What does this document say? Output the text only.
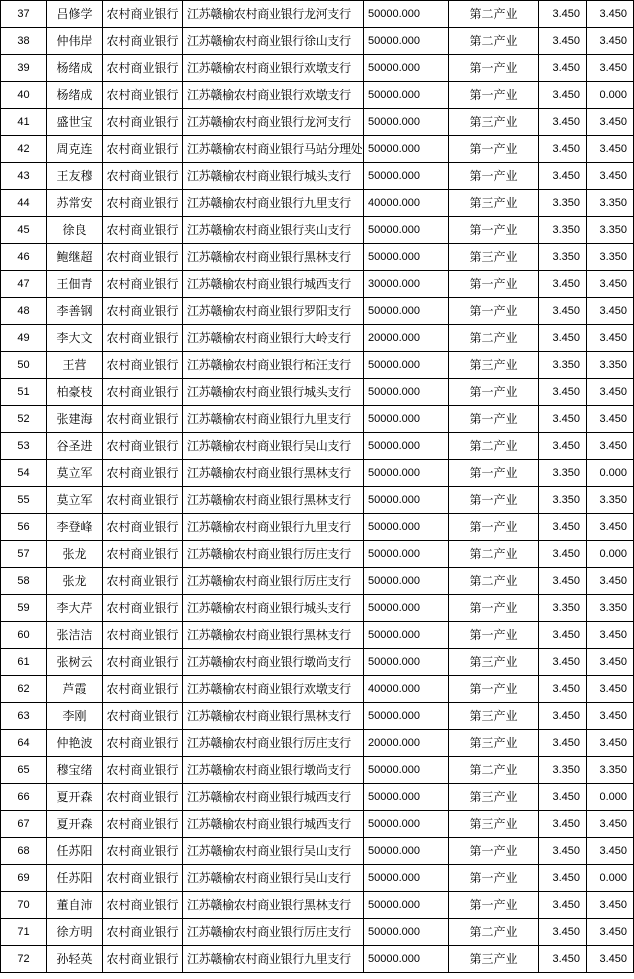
37	吕修学	农村商业银行	江苏赣榆农村商业银行龙河支行	50000.000	第二产业	3.450	3.450
38	仲伟岸	农村商业银行	江苏赣榆农村商业银行徐山支行	50000.000	第二产业	3.450	3.450
39	杨绪成	农村商业银行	江苏赣榆农村商业银行欢墩支行	50000.000	第一产业	3.450	3.450
40	杨绪成	农村商业银行	江苏赣榆农村商业银行欢墩支行	50000.000	第一产业	3.450	0.000
41	盛世宝	农村商业银行	江苏赣榆农村商业银行龙河支行	50000.000	第三产业	3.450	3.450
42	周克连	农村商业银行	江苏赣榆农村商业银行马站分理处	50000.000	第一产业	3.450	3.450
43	王友穆	农村商业银行	江苏赣榆农村商业银行城头支行	50000.000	第一产业	3.450	3.450
44	苏常安	农村商业银行	江苏赣榆农村商业银行九里支行	40000.000	第三产业	3.350	3.350
45	徐良	农村商业银行	江苏赣榆农村商业银行夹山支行	50000.000	第一产业	3.350	3.350
46	鲍继超	农村商业银行	江苏赣榆农村商业银行黑林支行	50000.000	第三产业	3.350	3.350
47	王佃青	农村商业银行	江苏赣榆农村商业银行城西支行	30000.000	第一产业	3.450	3.450
48	李善钢	农村商业银行	江苏赣榆农村商业银行罗阳支行	50000.000	第一产业	3.450	3.450
49	李大文	农村商业银行	江苏赣榆农村商业银行大岭支行	20000.000	第二产业	3.450	3.450
50	王营	农村商业银行	江苏赣榆农村商业银行柘汪支行	50000.000	第三产业	3.350	3.350
51	柏豪枝	农村商业银行	江苏赣榆农村商业银行城头支行	50000.000	第一产业	3.450	3.450
52	张建海	农村商业银行	江苏赣榆农村商业银行九里支行	50000.000	第一产业	3.450	3.450
53	谷圣进	农村商业银行	江苏赣榆农村商业银行吴山支行	50000.000	第二产业	3.450	3.450
54	莫立军	农村商业银行	江苏赣榆农村商业银行黑林支行	50000.000	第一产业	3.350	0.000
55	莫立军	农村商业银行	江苏赣榆农村商业银行黑林支行	50000.000	第一产业	3.350	3.350
56	李登峰	农村商业银行	江苏赣榆农村商业银行九里支行	50000.000	第一产业	3.450	3.450
57	张龙	农村商业银行	江苏赣榆农村商业银行厉庄支行	50000.000	第二产业	3.450	0.000
58	张龙	农村商业银行	江苏赣榆农村商业银行厉庄支行	50000.000	第二产业	3.450	3.450
59	李大芹	农村商业银行	江苏赣榆农村商业银行城头支行	50000.000	第一产业	3.350	3.350
60	张洁洁	农村商业银行	江苏赣榆农村商业银行黑林支行	50000.000	第一产业	3.450	3.450
61	张树云	农村商业银行	江苏赣榆农村商业银行墩尚支行	50000.000	第三产业	3.450	3.450
62	芦霞	农村商业银行	江苏赣榆农村商业银行欢墩支行	40000.000	第一产业	3.450	3.450
63	李刚	农村商业银行	江苏赣榆农村商业银行黑林支行	50000.000	第三产业	3.450	3.450
64	仲艳波	农村商业银行	江苏赣榆农村商业银行厉庄支行	20000.000	第三产业	3.450	3.450
65	穆宝绪	农村商业银行	江苏赣榆农村商业银行墩尚支行	50000.000	第二产业	3.350	3.350
66	夏开森	农村商业银行	江苏赣榆农村商业银行城西支行	50000.000	第三产业	3.450	0.000
67	夏开森	农村商业银行	江苏赣榆农村商业银行城西支行	50000.000	第三产业	3.450	3.450
68	任苏阳	农村商业银行	江苏赣榆农村商业银行吴山支行	50000.000	第一产业	3.450	3.450
69	任苏阳	农村商业银行	江苏赣榆农村商业银行吴山支行	50000.000	第一产业	3.450	0.000
70	董自沛	农村商业银行	江苏赣榆农村商业银行黑林支行	50000.000	第一产业	3.450	3.450
71	徐方明	农村商业银行	江苏赣榆农村商业银行厉庄支行	50000.000	第二产业	3.450	3.450
72	孙轻英	农村商业银行	江苏赣榆农村商业银行九里支行	50000.000	第三产业	3.450	3.450
